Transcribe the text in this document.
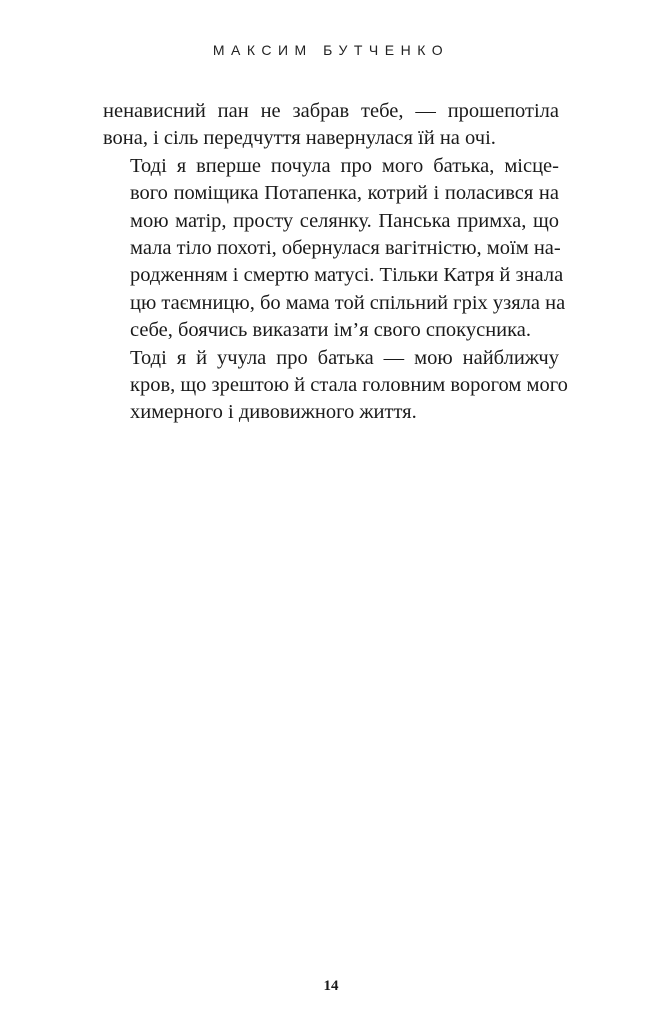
МАКСИМ БУТЧЕНКО

ненависний пан не забрав тебе, — прошепотіла
вона, і сіль передчуття навернулася їй на очі.

Тоді я вперше почула про мого батька, місце-
вого поміщика Потапенка, котрий і поласився на
мою матір, просту селянку. Панська примха, що
мала тіло похоті, обернулася вагітністю, моїм на-
родженням і смертю матусі. Тільки Катря й знала
цю таємницю, бо мама той спільний гріх узяла на
себе, боячись виказати ім’я свого спокусника.

Тоді я й учула про батька — мою найближчу
кров, що зрештою й стала головним ворогом мого
химерного і дивовижного життя.

14
